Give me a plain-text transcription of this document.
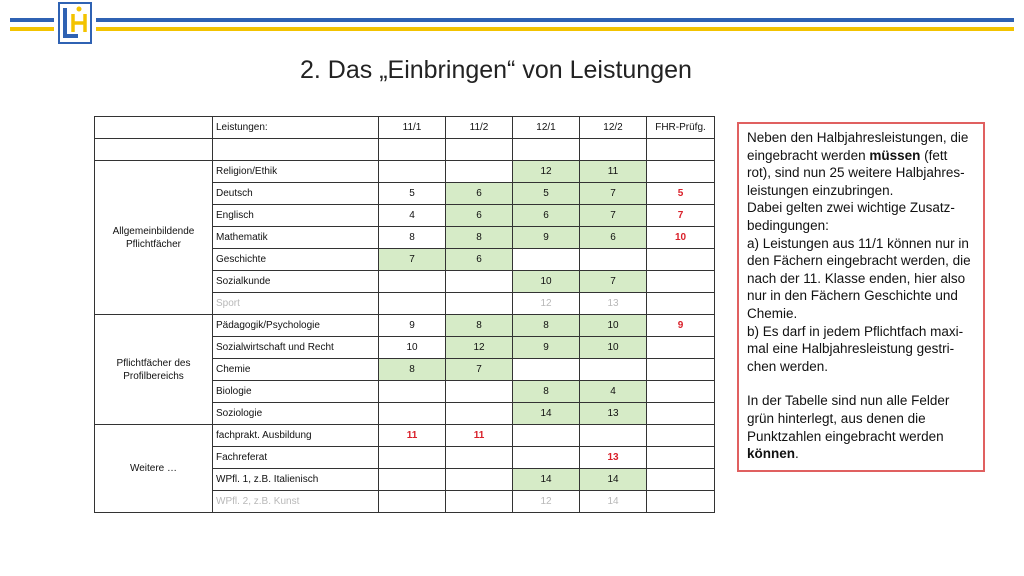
2. Das „Einbringen“ von Leistungen
	Leistungen:	11/1	11/2	12/1	12/2	FHR-Prüfg.

Allgemeinbildende Pflichtfächer	Religion/Ethik			12	11	
	Deutsch	5	6	5	7	5
	Englisch	4	6	6	7	7
	Mathematik	8	8	9	6	10
	Geschichte	7	6			
	Sozialkunde			10	7	
	Sport			12	13	
Pflichtfächer des Profilbereichs	Pädagogik/Psychologie	9	8	8	10	9
	Sozialwirtschaft und Recht	10	12	9	10	
	Chemie	8	7			
	Biologie			8	4	
	Soziologie			14	13	
Weitere …	fachprakt. Ausbildung	11	11			
	Fachreferat				13	
	WPfl. 1, z.B. Italienisch			14	14	
	WPfl. 2, z.B. Kunst			12	14	

Neben den Halbjahresleistungen, die eingebracht werden müssen (fett rot), sind nun 25 weitere Halbjahres-leistungen einzubringen.

Dabei gelten zwei wichtige Zusatz-bedingungen:

a) Leistungen aus 11/1 können nur in den Fächern eingebracht werden, die nach der 11. Klasse enden, hier also nur in den Fächern Geschichte und Chemie.

b) Es darf in jedem Pflichtfach maxi-mal eine Halbjahresleistung gestri-chen werden.

In der Tabelle sind nun alle Felder grün hinterlegt, aus denen die Punktzahlen eingebracht werden können.
